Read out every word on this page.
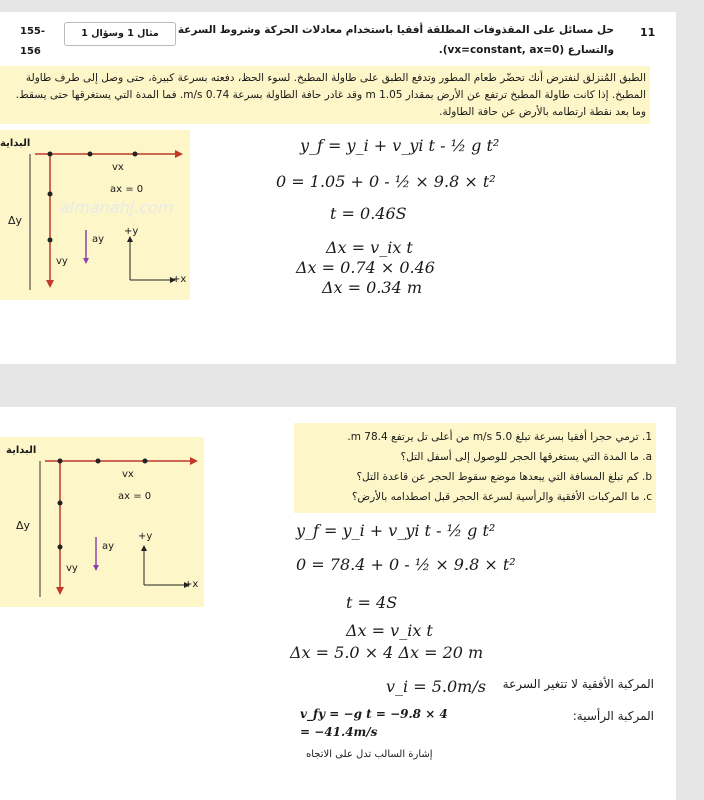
11
حل مسائل على المقذوفات المطلقة أفقيا باستخدام معادلات الحركة وشروط السرعة
والتسارع (vx=constant, ax=0).
مثال 1 وسؤال 1
155-
156
الطبق المُنزلق لنفترض أنك تحضّر طعام المطور وتدفع الطبق على طاولة المطبخ. لسوء الحظ، دفعته بسرعة كبيرة، حتى وصل إلى طرف طاولة المطبخ. إذا كانت طاولة المطبخ ترتفع عن الأرض بمقدار 1.05 m وقد غادر حافة الطاولة بسرعة 0.74 m/s. فما المدة التي يستغرقها حتى يسقط. وما بعد نقطة ارتطامه بالأرض عن حافة الطاولة.
البداية
vx
ax = 0
Δy
ay
vy
+y
+x
y_f = y_i + v_yi t - ½ g t²
0 = 1.05 + 0 - ½ × 9.8 × t²
t = 0.46S
Δx = v_ix t
Δx = 0.74 × 0.46
Δx = 0.34 m
almanahj.com
1. ترمي حجرا أفقيا بسرعة تبلغ 5.0 m/s من أعلى تل يرتفع 78.4 m.
a. ما المدة التي يستغرقها الحجر للوصول إلى أسفل التل؟
b. كم تبلغ المسافة التي يبعدها موضع سقوط الحجر عن قاعدة التل؟
c. ما المركبات الأفقية والرأسية لسرعة الحجر قبل اصطدامه بالأرض؟
البداية
vx
ax = 0
Δy
ay
vy
+y
+x
y_f = y_i + v_yi t - ½ g t²
0 = 78.4 + 0 - ½ × 9.8 × t²
t = 4S
Δx = v_ix t
Δx = 5.0 × 4 Δx = 20 m
المركبة الأفقية لا تتغير السرعة
v_i = 5.0m/s
المركبة الرأسية:
v_fy = −g t = −9.8 × 4
= −41.4m/s
إشارة السالب تدل على الاتجاه
